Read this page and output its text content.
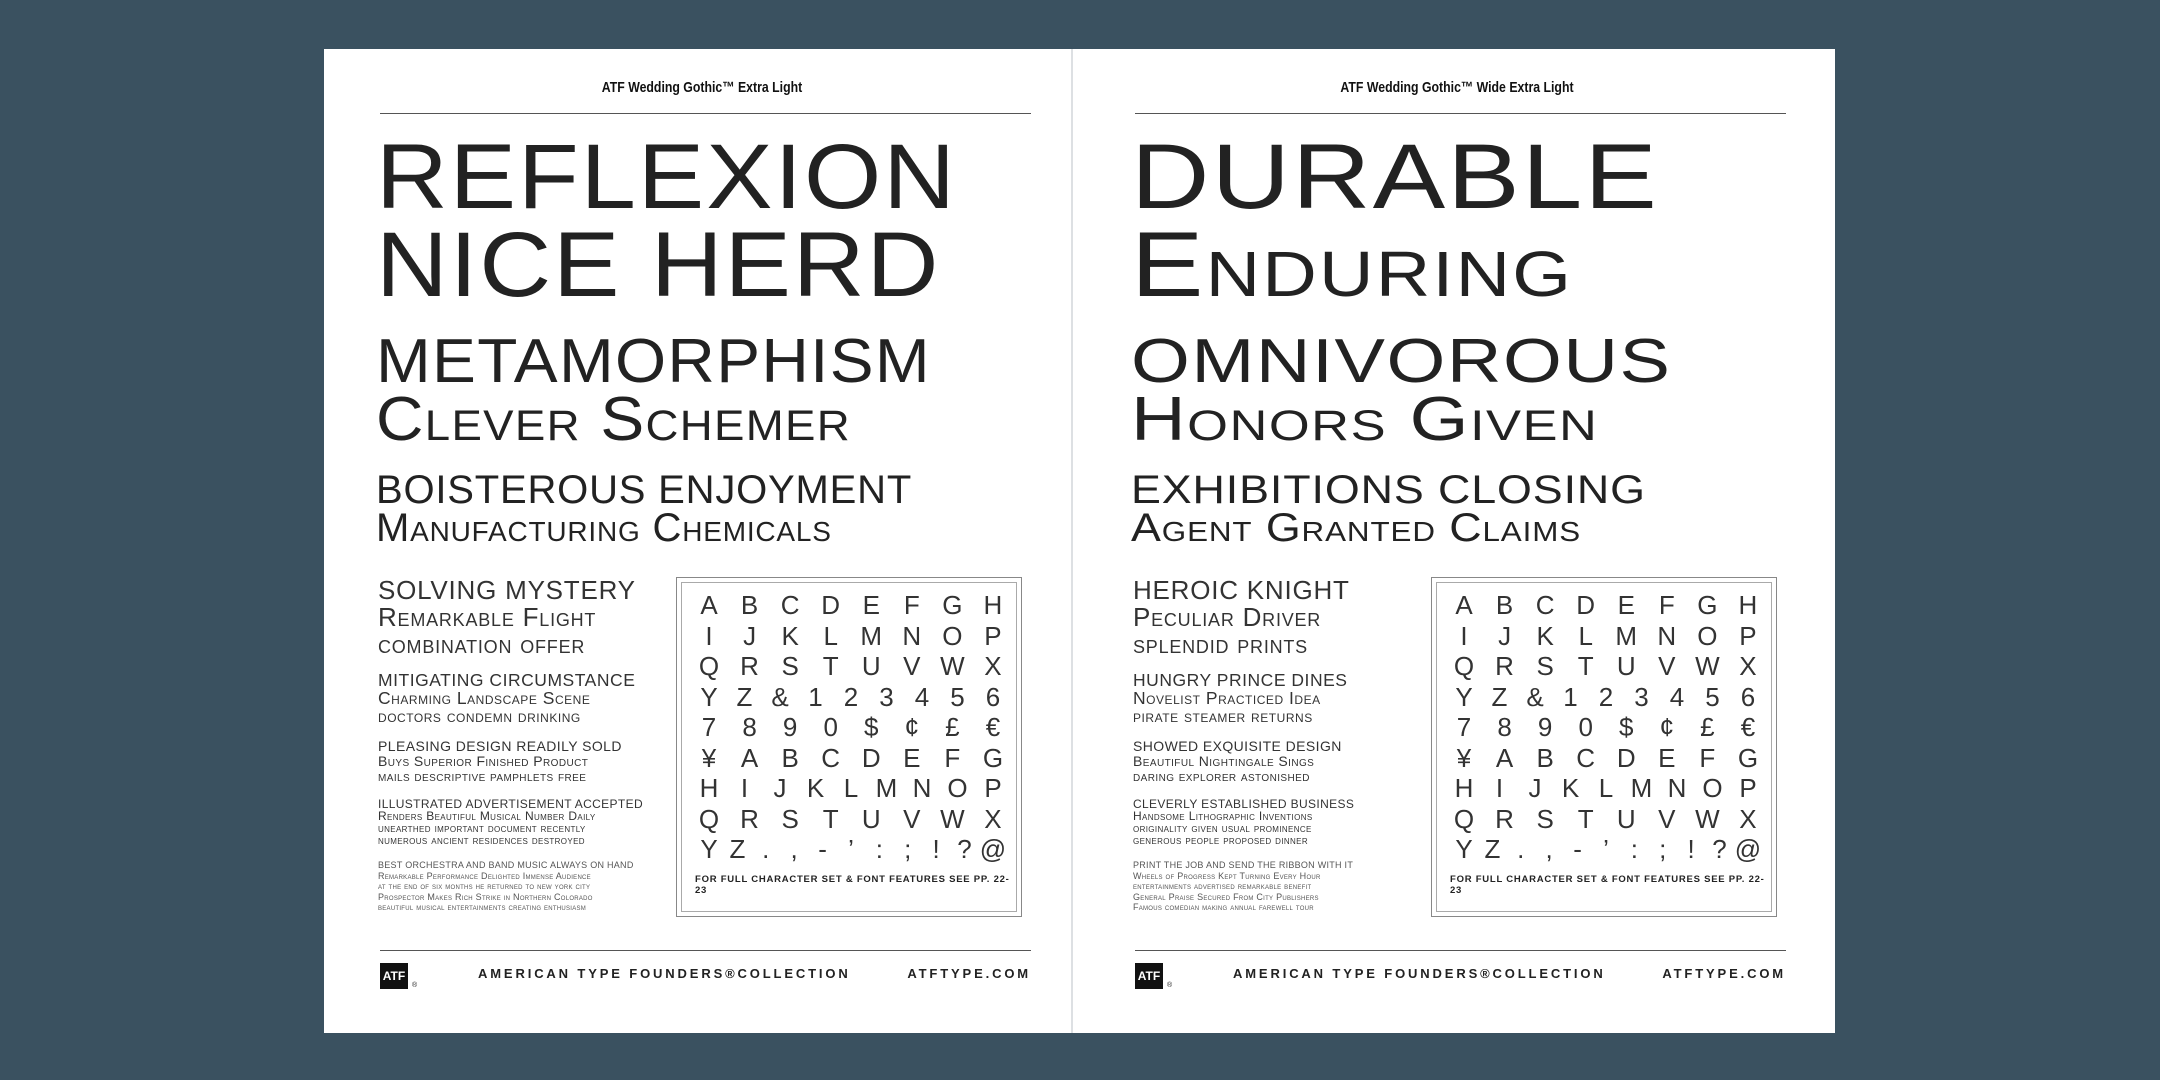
ATF Wedding Gothic™ Extra Light
REFLEXION
NICE HERD
METAMORPHISM
Clever Schemer
BOISTEROUS ENJOYMENT
Manufacturing Chemicals
SOLVING MYSTERY
Remarkable Flight
combination offer
MITIGATING CIRCUMSTANCE
Charming Landscape Scene
doctors condemn drinking
PLEASING DESIGN READILY SOLD
Buys Superior Finished Product
mails descriptive pamphlets free
ILLUSTRATED ADVERTISEMENT ACCEPTED
Renders Beautiful Musical Number Daily
unearthed important document recently
numerous ancient residences destroyed
BEST ORCHESTRA AND BAND MUSIC ALWAYS ON HAND
Remarkable Performance Delighted Immense Audience
at the end of six months he returned to new york city
Prospector Makes Rich Strike in Northern Colorado
beautiful musical entertainments creating enthusiasm
A B C D E F G H
I	J K L M N O P
Q R S T U V W X
Y Z & 1 2 3 4 5 6
7 8 9 0 $ ¢ £ €
¥ A B C D E F G
H I J K L M N O P
Q R S T U V W X
Y Z . , - ’ : ; ! ? @
FOR FULL CHARACTER SET & FONT FEATURES SEE PP. 22-23
ATF
®
AMERICAN TYPE FOUNDERS®COLLECTION	ATFTYPE.COM
ATF Wedding Gothic™ Wide Extra Light
DURABLE
Enduring
OMNIVOROUS
Honors Given
EXHIBITIONS CLOSING
Agent Granted Claims
HEROIC KNIGHT
Peculiar Driver
splendid prints
HUNGRY PRINCE DINES
Novelist Practiced Idea
pirate steamer returns
SHOWED EXQUISITE DESIGN
Beautiful Nightingale Sings
daring explorer astonished
CLEVERLY ESTABLISHED BUSINESS
Handsome Lithographic Inventions
originality given usual prominence
generous people proposed dinner
PRINT THE JOB AND SEND THE RIBBON WITH IT
Wheels of Progress Kept Turning Every Hour
entertainments advertised remarkable benefit
General Praise Secured From City Publishers
Famous comedian making annual farewell tour
A B C D E F G H
I	J K L M N O P
Q R S T U V W X
Y Z & 1 2 3 4 5 6
7 8 9 0 $ ¢ £ €
¥ A B C D E F G
H I J K L M N O P
Q R S T U V W X
Y Z . , - ’ : ; ! ? @
FOR FULL CHARACTER SET & FONT FEATURES SEE PP. 22-23
ATF
®
AMERICAN TYPE FOUNDERS®COLLECTION	ATFTYPE.COM
